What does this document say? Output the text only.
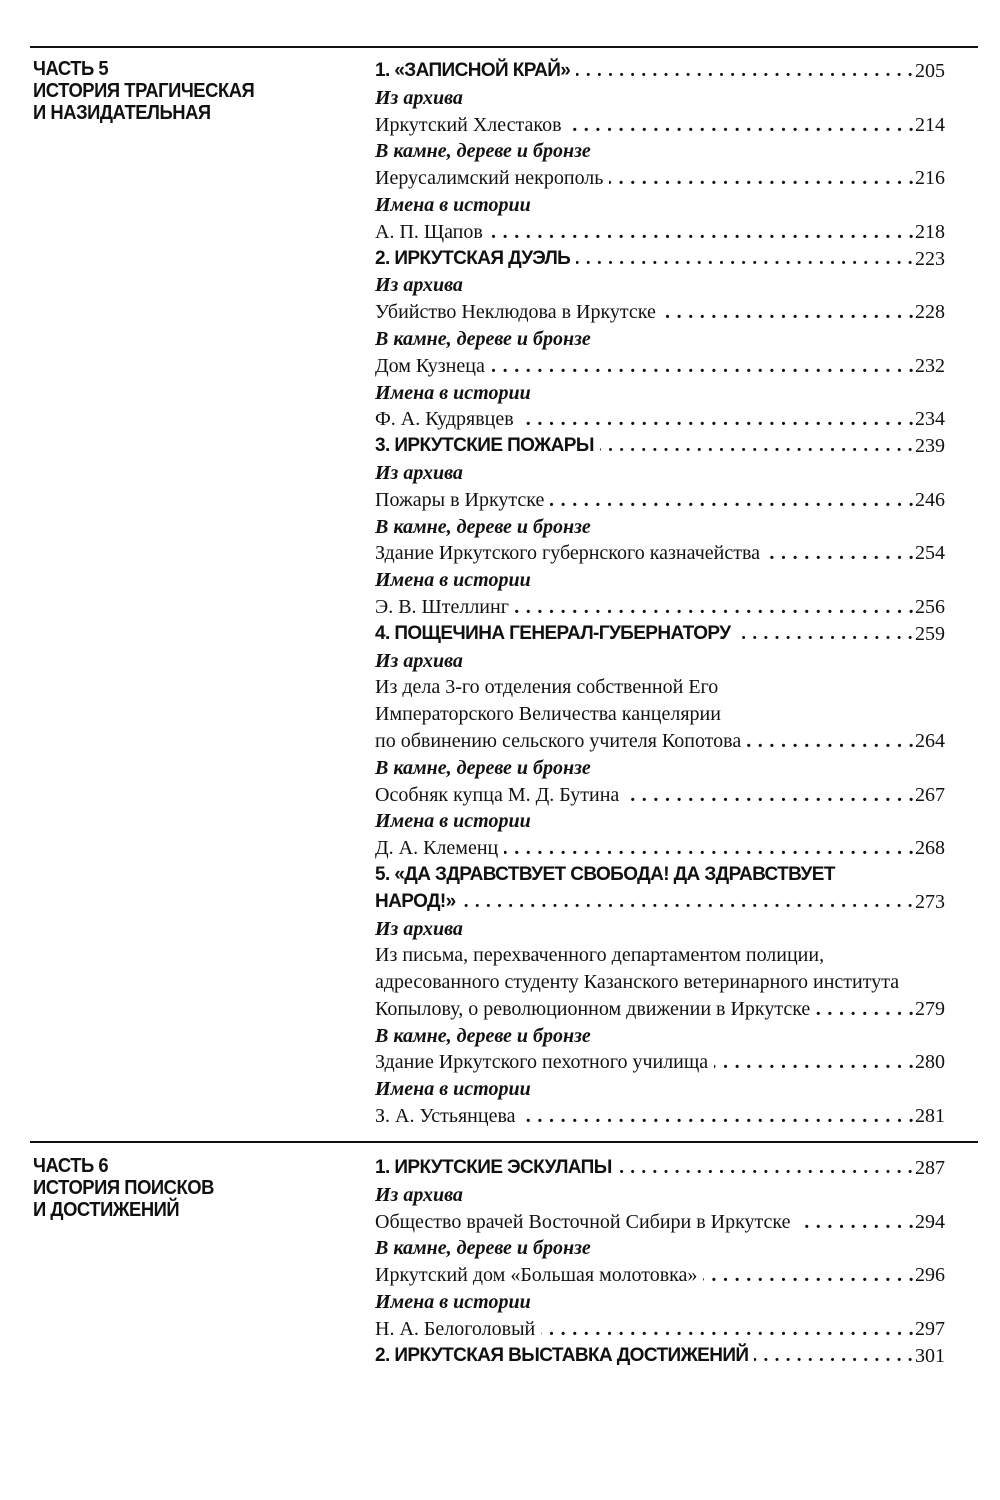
ЧАСТЬ 5
ИСТОРИЯ ТРАГИЧЕСКАЯ
И НАЗИДАТЕЛЬНАЯ
1. «ЗАПИСНОЙ КРАЙ»	205
. . .
Из архива
Иркутский Хлестаков	214
. . .
В камне, дереве и бронзе
Иерусалимский некрополь	216
. . .
Имена в истории
А. П. Щапов	218
. . .
2. ИРКУТСКАЯ ДУЭЛЬ	223
. . .
Из архива
Убийство Неклюдова в Иркутске	228
. . .
В камне, дереве и бронзе
Дом Кузнеца	232
. . .
Имена в истории
Ф. А. Кудрявцев	234
. . .
3. ИРКУТСКИЕ ПОЖАРЫ	239
. . .
Из архива
Пожары в Иркутске	246
. . .
В камне, дереве и бронзе
Здание Иркутского губернского казначейства	254
. . .
Имена в истории
Э. В. Штеллинг	256
. . .
4. ПОЩЕЧИНА ГЕНЕРАЛ-ГУБЕРНАТОРУ	259
. . .
Из архива
Из дела 3-го отделения собственной Его
Императорского Величества канцелярии
по обвинению сельского учителя Копотова	264
. . .
В камне, дереве и бронзе
Особняк купца М. Д. Бутина	267
. . .
Имена в истории
Д. А. Клеменц	268
. . .
5. «ДА ЗДРАВСТВУЕТ СВОБОДА! ДА ЗДРАВСТВУЕТ
НАРОД!»	273
. . .
Из архива
Из письма, перехваченного департаментом полиции,
адресованного студенту Казанского ветеринарного института
Копылову, о революционном движении в Иркутске	279
. . .
В камне, дереве и бронзе
Здание Иркутского пехотного училища	280
. . .
Имена в истории
З. А. Устьянцева	281
. . .
ЧАСТЬ 6
ИСТОРИЯ ПОИСКОВ
И ДОСТИЖЕНИЙ
1. ИРКУТСКИЕ ЭСКУЛАПЫ	287
. . .
Из архива
Общество врачей Восточной Сибири в Иркутске	294
. . .
В камне, дереве и бронзе
Иркутский дом «Большая молотовка»	296
. . .
Имена в истории
Н. А. Белоголовый	297
. . .
2. ИРКУТСКАЯ ВЫСТАВКА ДОСТИЖЕНИЙ	301
. . .
